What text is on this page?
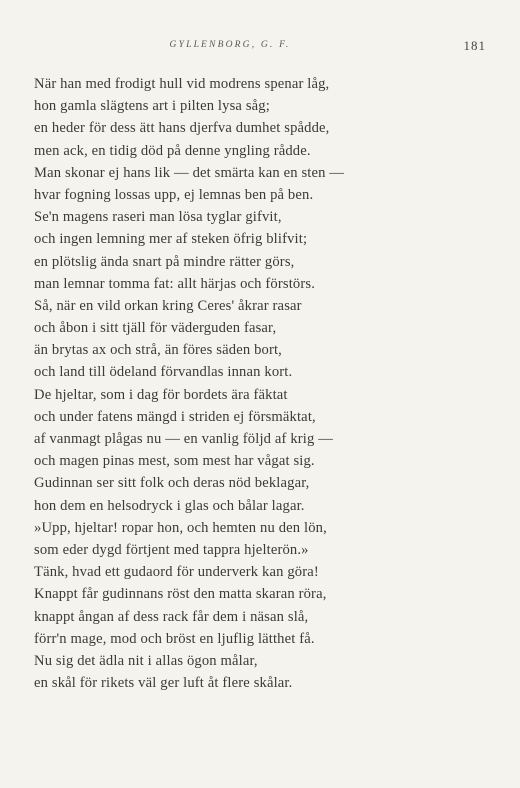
GYLLENBORG, G. F.	181
När han med frodigt hull vid modrens spenar låg,
hon gamla slägtens art i pilten lysa såg;
en heder för dess ätt hans djerfva dumhet spådde,
men ack, en tidig död på denne yngling rådde.
Man skonar ej hans lik — det smärta kan en sten —
hvar fogning lossas upp, ej lemnas ben på ben.
Se'n magens raseri man lösa tyglar gifvit,
och ingen lemning mer af steken öfrig blifvit;
en plötslig ända snart på mindre rätter görs,
man lemnar tomma fat: allt härjas och förstörs.
Så, när en vild orkan kring Ceres' åkrar rasar
och åbon i sitt tjäll för väderguden fasar,
än brytas ax och strå, än föres säden bort,
och land till ödeland förvandlas innan kort.
De hjeltar, som i dag för bordets ära fäktat
och under fatens mängd i striden ej försmäktat,
af vanmagt plågas nu — en vanlig följd af krig —
och magen pinas mest, som mest har vågat sig.
Gudinnan ser sitt folk och deras nöd beklagar,
hon dem en helsodryck i glas och bålar lagar.
»Upp, hjeltar! ropar hon, och hemten nu den lön,
som eder dygd förtjent med tappra hjelterön.»
Tänk, hvad ett gudaord för underverk kan göra!
Knappt får gudinnans röst den matta skaran röra,
knappt ångan af dess rack får dem i näsan slå,
förr'n mage, mod och bröst en ljuflig lätthet få.
Nu sig det ädla nit i allas ögon målar,
en skål för rikets väl ger luft åt flere skålar.
